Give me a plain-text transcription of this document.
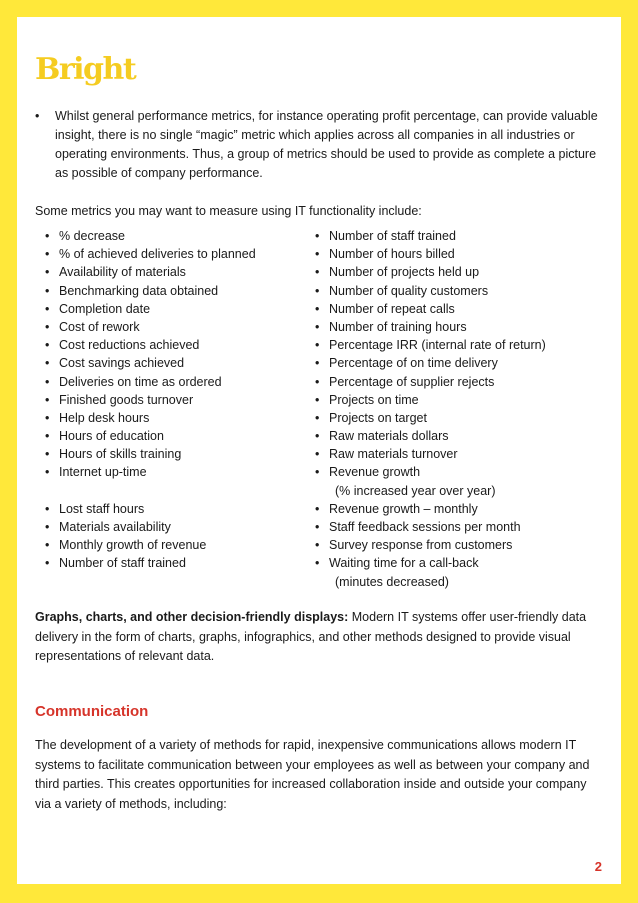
Bright
• Whilst general performance metrics, for instance operating profit percentage, can provide valuable insight, there is no single “magic” metric which applies across all companies in all industries or operating environments. Thus, a group of metrics should be used to provide as complete a picture as possible of company performance.
Some metrics you may want to measure using IT functionality include:
• % decrease
• % of achieved deliveries to planned
• Availability of materials
• Benchmarking data obtained
• Completion date
• Cost of rework
• Cost reductions achieved
• Cost savings achieved
• Deliveries on time as ordered
• Finished goods turnover
• Help desk hours
• Hours of education
• Hours of skills training
• Internet up-time
• Lost staff hours
• Materials availability
• Monthly growth of revenue
• Number of staff trained
• Number of staff trained
• Number of hours billed
• Number of projects held up
• Number of quality customers
• Number of repeat calls
• Number of training hours
• Percentage IRR (internal rate of return)
• Percentage of on time delivery
• Percentage of supplier rejects
• Projects on time
• Projects on target
• Raw materials dollars
• Raw materials turnover
• Revenue growth
(% increased year over year)
• Revenue growth – monthly
• Staff feedback sessions per month
• Survey response from customers
• Waiting time for a call-back
(minutes decreased)
Graphs, charts, and other decision-friendly displays: Modern IT systems offer user-friendly data delivery in the form of charts, graphs, infographics, and other methods designed to provide visual representations of relevant data.
Communication
The development of a variety of methods for rapid, inexpensive communications allows modern IT systems to facilitate communication between your employees as well as between your company and third parties. This creates opportunities for increased collaboration inside and outside your company via a variety of methods, including:
2
